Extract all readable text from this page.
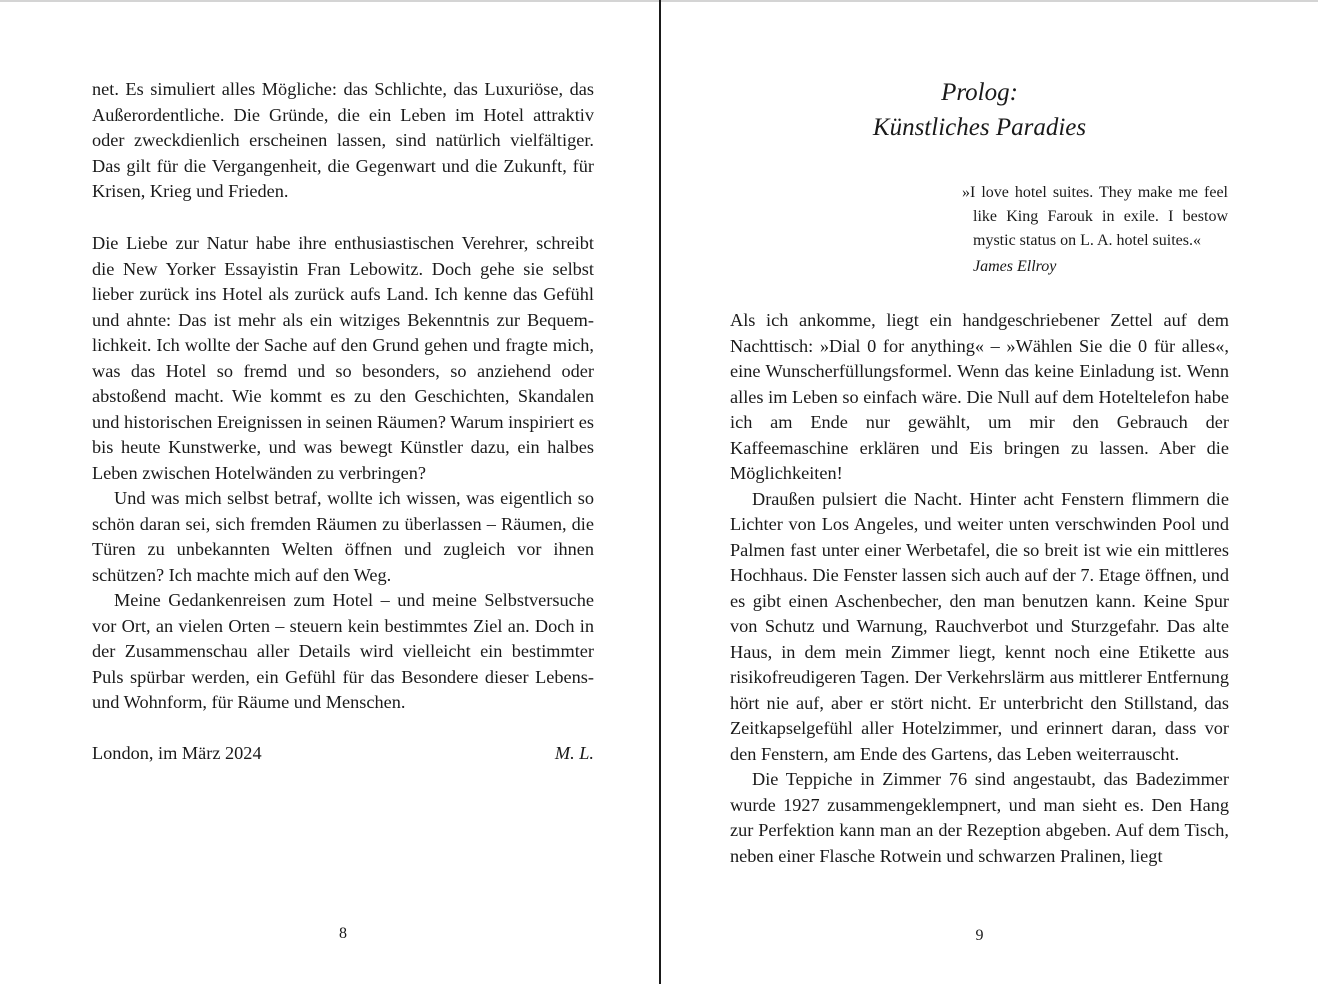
net. Es simuliert alles Mögliche: das Schlichte, das Luxuriöse, das Außerordentliche. Die Gründe, die ein Leben im Hotel attraktiv oder zweckdienlich erscheinen lassen, sind natürlich vielfältiger. Das gilt für die Vergangenheit, die Gegenwart und die Zukunft, für Krisen, Krieg und Frieden.

Die Liebe zur Natur habe ihre enthusiastischen Verehrer, schreibt die New Yorker Essayistin Fran Lebowitz. Doch gehe sie selbst lieber zurück ins Hotel als zurück aufs Land. Ich kenne das Gefühl und ahnte: Das ist mehr als ein witziges Bekenntnis zur Bequemlichkeit. Ich wollte der Sache auf den Grund gehen und fragte mich, was das Hotel so fremd und so besonders, so anziehend oder abstoßend macht. Wie kommt es zu den Geschichten, Skandalen und historischen Ereignissen in seinen Räumen? Warum inspiriert es bis heute Kunstwerke, und was bewegt Künstler dazu, ein halbes Leben zwischen Hotelwänden zu verbringen?

Und was mich selbst betraf, wollte ich wissen, was eigentlich so schön daran sei, sich fremden Räumen zu überlassen – Räumen, die Türen zu unbekannten Welten öffnen und zugleich vor ihnen schützen? Ich machte mich auf den Weg.

Meine Gedankenreisen zum Hotel – und meine Selbstversuche vor Ort, an vielen Orten – steuern kein bestimmtes Ziel an. Doch in der Zusammenschau aller Details wird vielleicht ein bestimmter Puls spürbar werden, ein Gefühl für das Besondere dieser Lebens- und Wohnform, für Räume und Menschen.

London, im März 2024	M. L.
8
Prolog:
Künstliches Paradies
»I love hotel suites. They make me feel like King Farouk in exile. I bestow mystic status on L. A. hotel suites.«
James Ellroy

Als ich ankomme, liegt ein handgeschriebener Zettel auf dem Nachttisch: »Dial 0 for anything« – »Wählen Sie die 0 für alles«, eine Wunscherfüllungsformel. Wenn das keine Einladung ist. Wenn alles im Leben so einfach wäre. Die Null auf dem Hoteltelefon habe ich am Ende nur gewählt, um mir den Gebrauch der Kaffeemaschine erklären und Eis bringen zu lassen. Aber die Möglichkeiten!

Draußen pulsiert die Nacht. Hinter acht Fenstern flimmern die Lichter von Los Angeles, und weiter unten verschwinden Pool und Palmen fast unter einer Werbetafel, die so breit ist wie ein mittleres Hochhaus. Die Fenster lassen sich auch auf der 7. Etage öffnen, und es gibt einen Aschenbecher, den man benutzen kann. Keine Spur von Schutz und Warnung, Rauchverbot und Sturzgefahr. Das alte Haus, in dem mein Zimmer liegt, kennt noch eine Etikette aus risikofreudigeren Tagen. Der Verkehrslärm aus mittlerer Entfernung hört nie auf, aber er stört nicht. Er unterbricht den Stillstand, das Zeitkapselgefühl aller Hotelzimmer, und erinnert daran, dass vor den Fenstern, am Ende des Gartens, das Leben weiterrauscht.

Die Teppiche in Zimmer 76 sind angestaubt, das Badezimmer wurde 1927 zusammengeklempnert, und man sieht es. Den Hang zur Perfektion kann man an der Rezeption abgeben. Auf dem Tisch, neben einer Flasche Rotwein und schwarzen Pralinen, liegt

9
